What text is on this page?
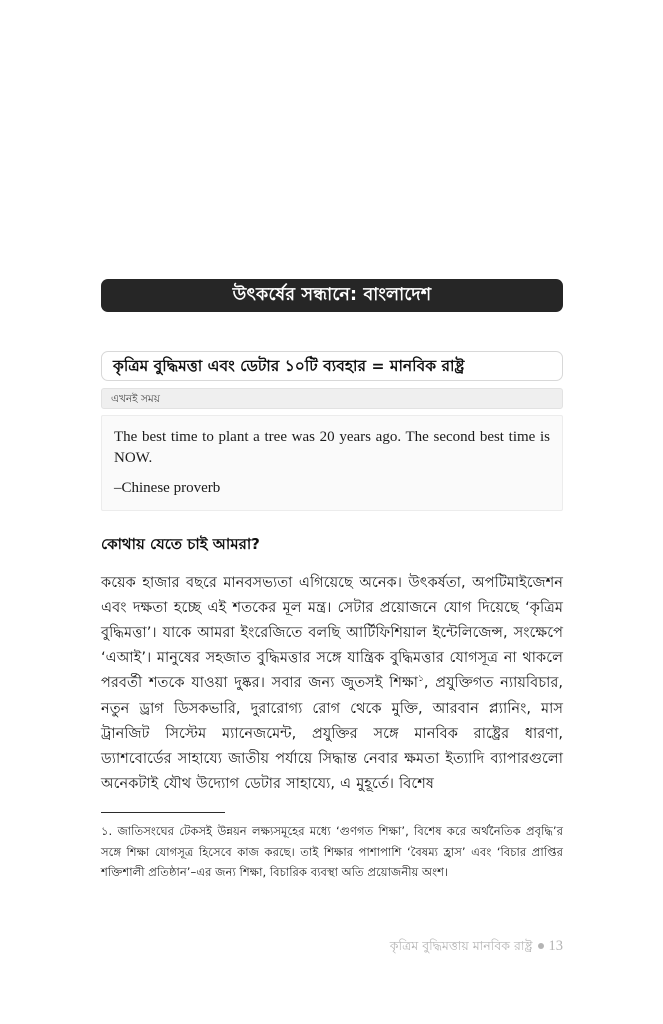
উৎকর্ষের সন্ধানে: বাংলাদেশ
কৃত্রিম বুদ্ধিমত্তা এবং ডেটার ১০টি ব্যবহার = মানবিক রাষ্ট্র
এখনই সময়

The best time to plant a tree was 20 years ago. The second best time is NOW.

–Chinese proverb

কোথায় যেতে চাই আমরা?

কয়েক হাজার বছরে মানবসভ্যতা এগিয়েছে অনেক। উৎকর্ষতা, অপটিমাইজেশন এবং দক্ষতা হচ্ছে এই শতকের মূল মন্ত্র। সেটার প্রয়োজনে যোগ দিয়েছে ‘কৃত্রিম বুদ্ধিমত্তা’। যাকে আমরা ইংরেজিতে বলছি আর্টিফিশিয়াল ইন্টেলিজেন্স, সংক্ষেপে ‘এআই’। মানুষের সহজাত বুদ্ধিমত্তার সঙ্গে যান্ত্রিক বুদ্ধিমত্তার যোগসূত্র না থাকলে পরবর্তী শতকে যাওয়া দুষ্কর। সবার জন্য জুতসই শিক্ষা$^১$, প্রযুক্তিগত ন্যায়বিচার, নতুন ড্রাগ ডিসকভারি, দুরারোগ্য রোগ থেকে মুক্তি, আরবান প্ল্যানিং, মাস ট্রানজিট সিস্টেম ম্যানেজমেন্ট, প্রযুক্তির সঙ্গে মানবিক রাষ্ট্রের ধারণা, ড্যাশবোর্ডের সাহায্যে জাতীয় পর্যায়ে সিদ্ধান্ত নেবার ক্ষমতা ইত্যাদি ব্যাপারগুলো অনেকটাই যৌথ উদ্যোগ ডেটার সাহায্যে, এ মুহূর্তে। বিশেষ

১. জাতিসংঘের টেকসই উন্নয়ন লক্ষ্যসমূহের মধ্যে ‘গুণগত শিক্ষা’, বিশেষ করে অর্থনৈতিক প্রবৃদ্ধি’র সঙ্গে শিক্ষা যোগসূত্র হিসেবে কাজ করছে। তাই শিক্ষার পাশাপাশি ‘বৈষম্য হ্রাস’ এবং ‘বিচার প্রাপ্তির শক্তিশালী প্রতিষ্ঠান’–এর জন্য শিক্ষা, বিচারিক ব্যবস্থা অতি প্রয়োজনীয় অংশ।

কৃত্রিম বুদ্ধিমত্তায় মানবিক রাষ্ট্র 13
